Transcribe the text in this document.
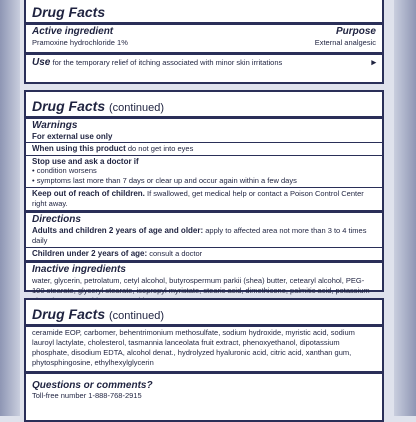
Drug Facts
Active ingredient	Purpose
Pramoxine hydrochloride 1%	External analgesic
Use for the temporary relief of itching associated with minor skin irritations	▸
Drug Facts (continued)
Warnings
For external use only
When using this product do not get into eyes
Stop use and ask a doctor if
• condition worsens
• symptoms last more than 7 days or clear up and occur again within a few days
Keep out of reach of children. If swallowed, get medical help or contact a Poison Control Center right away.
Directions
Adults and children 2 years of age and older: apply to affected area not more than 3 to 4 times daily
Children under 2 years of age: consult a doctor
Inactive ingredients
water, glycerin, petrolatum, cetyl alcohol, butyrospermum parkii (shea) butter, cetearyl alcohol, PEG-100 stearate, glyceryl stearate, isopropyl myristate, stearic acid, dimethicone, palmitic acid, potassium
Drug Facts (continued)
ceramide EOP, carbomer, behentrimonium methosulfate, sodium hydroxide, myristic acid, sodium lauroyl lactylate, cholesterol, tasmannia lanceolata fruit extract, phenoxyethanol, dipotassium phosphate, disodium EDTA, alcohol denat., hydrolyzed hyaluronic acid, citric acid, xanthan gum, phytosphingosine, ethylhexylglycerin
Questions or comments?
Toll-free number 1-888-768-2915
